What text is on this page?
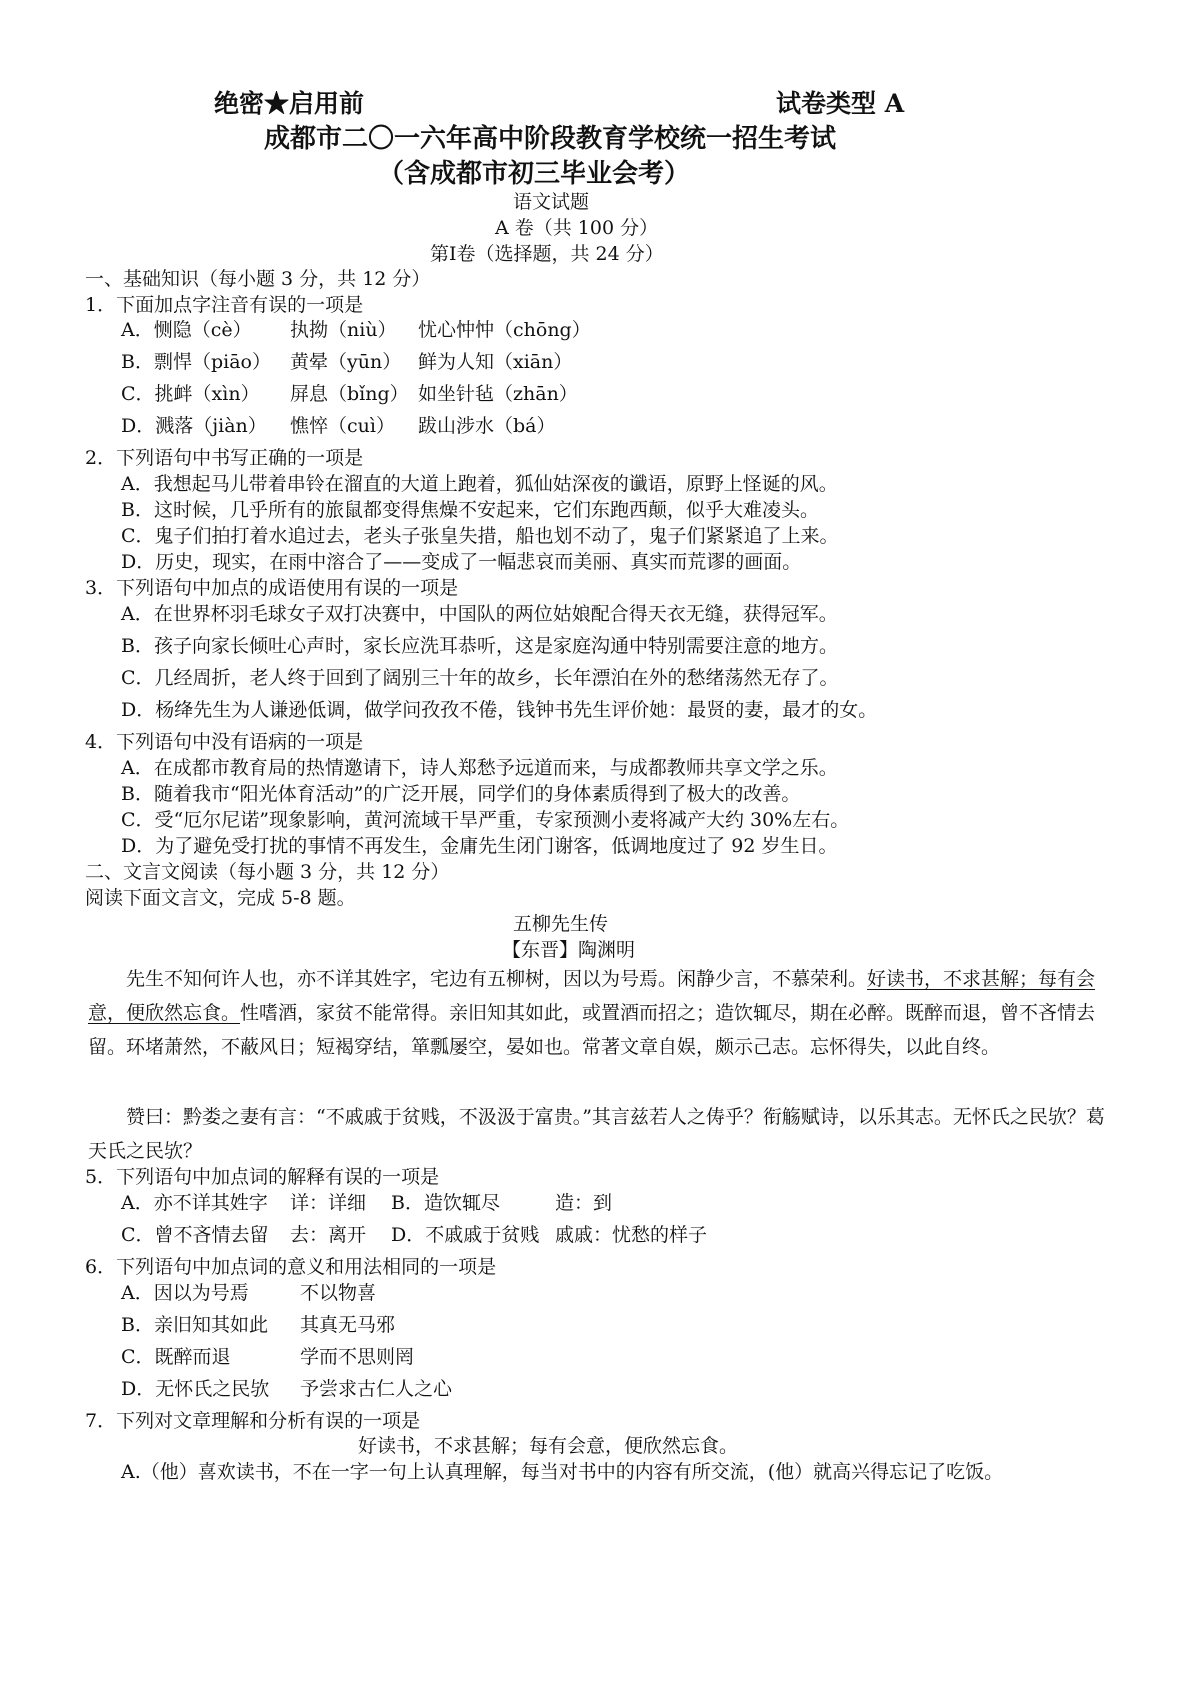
绝密★启用前	试卷类型 A
成都市二〇一六年高中阶段教育学校统一招生考试
（含成都市初三毕业会考）
语文试题
A 卷（共 100 分）
第Ⅰ卷（选择题，共 24 分）
一、基础知识（每小题 3 分，共 12 分）
1．下面加点字注音有误的一项是
A．恻隐（cè） 执拗（niù） 忧心忡忡（chōng）
B．剽悍（piāo） 黄晕（yūn） 鲜为人知（xiān）
C．挑衅（xìn） 屏息（bǐng） 如坐针毡（zhān）
D．溅落（jiàn） 憔悴（cuì） 跋山涉水（bá）
2．下列语句中书写正确的一项是
A．我想起马儿带着串铃在溜直的大道上跑着，狐仙姑深夜的谶语，原野上怪诞的风。
B．这时候，几乎所有的旅鼠都变得焦燥不安起来，它们东跑西颠，似乎大难凌头。
C．鬼子们拍打着水追过去，老头子张皇失措，船也划不动了，鬼子们紧紧追了上来。
D．历史，现实，在雨中溶合了——变成了一幅悲哀而美丽、真实而荒谬的画面。
3．下列语句中加点的成语使用有误的一项是
A．在世界杯羽毛球女子双打决赛中，中国队的两位姑娘配合得天衣无缝，获得冠军。
B．孩子向家长倾吐心声时，家长应洗耳恭听，这是家庭沟通中特别需要注意的地方。
C．几经周折，老人终于回到了阔别三十年的故乡，长年漂泊在外的愁绪荡然无存了。
D．杨绛先生为人谦逊低调，做学问孜孜不倦，钱钟书先生评价她：最贤的妻，最才的女。
4．下列语句中没有语病的一项是
A．在成都市教育局的热情邀请下，诗人郑愁予远道而来，与成都教师共享文学之乐。
B．随着我市“阳光体育活动”的广泛开展，同学们的身体素质得到了极大的改善。
C．受“厄尔尼诺”现象影响，黄河流域干旱严重，专家预测小麦将减产大约 30%左右。
D．为了避免受打扰的事情不再发生，金庸先生闭门谢客，低调地度过了 92 岁生日。
二、文言文阅读（每小题 3 分，共 12 分）
阅读下面文言文，完成 5-8 题。
五柳先生传
【东晋】陶渊明
先生不知何许人也，亦不详其姓字，宅边有五柳树，因以为号焉。闲静少言，不慕荣利。好读书，不求甚解；每有会意，便欣然忘食。性嗜酒，家贫不能常得。亲旧知其如此，或置酒而招之；造饮辄尽，期在必醉。既醉而退，曾不吝情去留。环堵萧然，不蔽风日；短褐穿结，箪瓢屡空，晏如也。常著文章自娱，颇示己志。忘怀得失，以此自终。
赞曰：黔娄之妻有言：“不戚戚于贫贱，不汲汲于富贵。”其言兹若人之俦乎？衔觞赋诗，以乐其志。无怀氏之民欤？葛天氏之民欤？
5．下列语句中加点词的解释有误的一项是
A．亦不详其姓字 详：详细 B．造饮辄尽	造：到
C．曾不吝情去留 去：离开 D．不戚戚于贫贱 戚戚：忧愁的样子
6．下列语句中加点词的意义和用法相同的一项是
A．因以为号焉	不以物喜
B．亲旧知其如此 其真无马邪
C．既醉而退	学而不思则罔
D．无怀氏之民欤 予尝求古仁人之心
7．下列对文章理解和分析有误的一项是
好读书，不求甚解；每有会意，便欣然忘食。
A.（他）喜欢读书，不在一字一句上认真理解，每当对书中的内容有所交流，(他）就高兴得忘记了吃饭。
